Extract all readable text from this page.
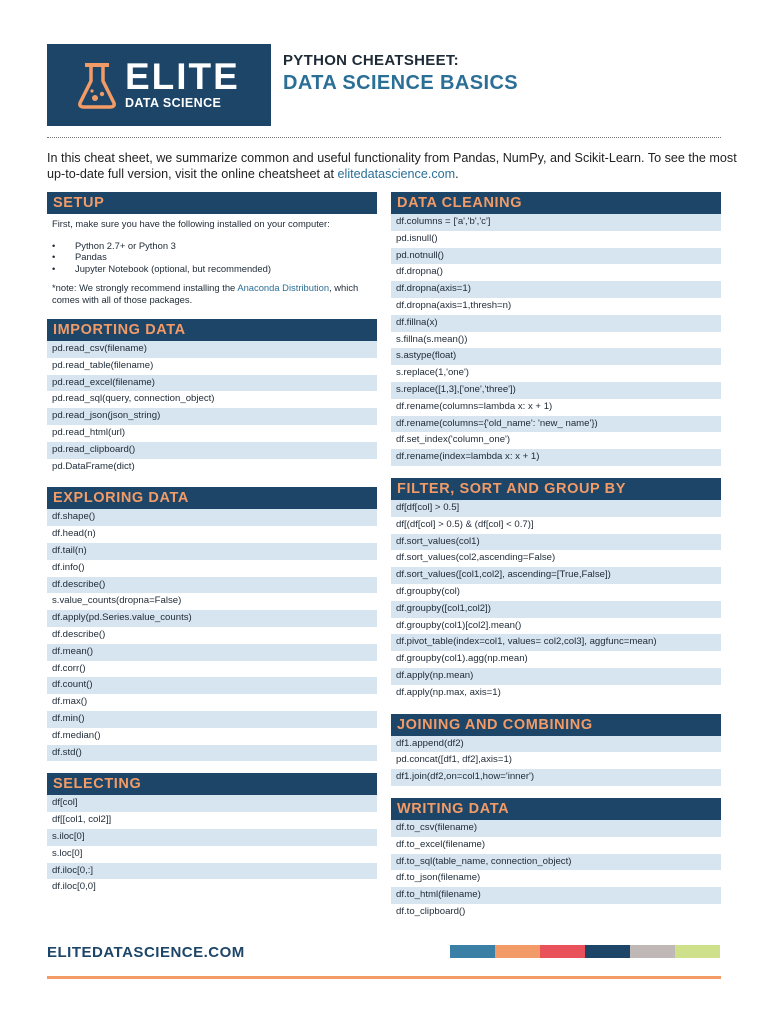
ELITE
DATA SCIENCE
PYTHON CHEATSHEET:
DATA SCIENCE BASICS
In this cheat sheet, we summarize common and useful functionality from Pandas, NumPy, and Scikit-Learn. To see the most up-to-date full version, visit the online cheatsheet at elitedatascience.com.
SETUP
First, make sure you have the following installed on your computer:
• Python 2.7+ or Python 3
• Pandas
• Jupyter Notebook (optional, but recommended)
*note: We strongly recommend installing the Anaconda Distribution, which comes with all of those packages.
IMPORTING DATA
pd.read_csv(filename)
pd.read_table(filename)
pd.read_excel(filename)
pd.read_sql(query, connection_object)
pd.read_json(json_string)
pd.read_html(url)
pd.read_clipboard()
pd.DataFrame(dict)
EXPLORING DATA
df.shape()
df.head(n)
df.tail(n)
df.info()
df.describe()
s.value_counts(dropna=False)
df.apply(pd.Series.value_counts)
df.describe()
df.mean()
df.corr()
df.count()
df.max()
df.min()
df.median()
df.std()
SELECTING
df[col]
df[[col1, col2]]
s.iloc[0]
s.loc[0]
df.iloc[0,:]
df.iloc[0,0]
DATA CLEANING
df.columns = ['a','b','c']
pd.isnull()
pd.notnull()
df.dropna()
df.dropna(axis=1)
df.dropna(axis=1,thresh=n)
df.fillna(x)
s.fillna(s.mean())
s.astype(float)
s.replace(1,'one')
s.replace([1,3],['one','three'])
df.rename(columns=lambda x: x + 1)
df.rename(columns={'old_name': 'new_ name'})
df.set_index('column_one')
df.rename(index=lambda x: x + 1)
FILTER, SORT AND GROUP BY
df[df[col] > 0.5]
df[(df[col] > 0.5) & (df[col] < 0.7)]
df.sort_values(col1)
df.sort_values(col2,ascending=False)
df.sort_values([col1,col2], ascending=[True,False])
df.groupby(col)
df.groupby([col1,col2])
df.groupby(col1)[col2].mean()
df.pivot_table(index=col1, values= col2,col3], aggfunc=mean)
df.groupby(col1).agg(np.mean)
df.apply(np.mean)
df.apply(np.max, axis=1)
JOINING AND COMBINING
df1.append(df2)
pd.concat([df1, df2],axis=1)
df1.join(df2,on=col1,how='inner')
WRITING DATA
df.to_csv(filename)
df.to_excel(filename)
df.to_sql(table_name, connection_object)
df.to_json(filename)
df.to_html(filename)
df.to_clipboard()
ELITEDATASCIENCE.COM
